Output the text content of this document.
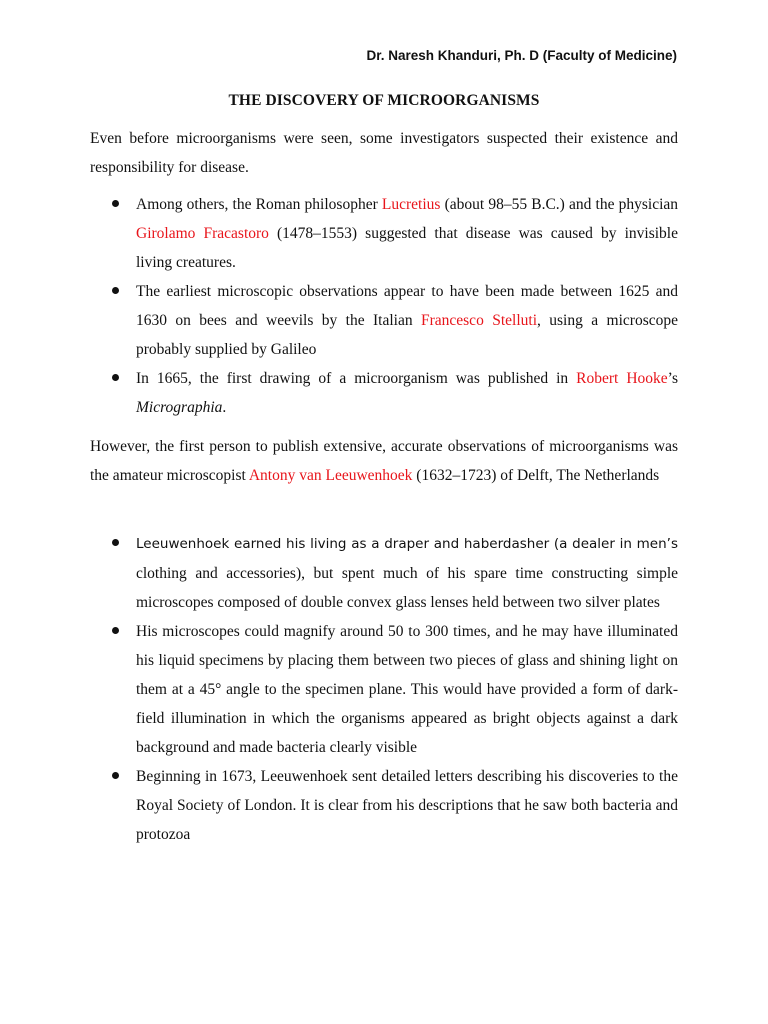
Dr. Naresh Khanduri, Ph. D (Faculty of Medicine)
THE DISCOVERY OF MICROORGANISMS

Even before microorganisms were seen, some investigators suspected their existence and responsibility for disease.

Among others, the Roman philosopher Lucretius (about 98‒55 B.C.) and the physician Girolamo Fracastoro (1478‒1553) suggested that disease was caused by invisible living creatures.
The earliest microscopic observations appear to have been made between 1625 and 1630 on bees and weevils by the Italian Francesco Stelluti, using a microscope probably supplied by Galileo
In 1665, the first drawing of a microorganism was published in Robert Hooke’s Micrographia.

However, the first person to publish extensive, accurate observations of microorganisms was the amateur microscopist Antony van Leeuwenhoek (1632‒1723) of Delft, The Netherlands

Leeuwenhoek earned his living as a draper and haberdasher (a dealer in men’s clothing and accessories), but spent much of his spare time constructing simple microscopes composed of double convex glass lenses held between two silver plates
His microscopes could magnify around 50 to 300 times, and he may have illuminated his liquid specimens by placing them between two pieces of glass and shining light on them at a 45° angle to the specimen plane. This would have provided a form of dark-field illumination in which the organisms appeared as bright objects against a dark background and made bacteria clearly visible
Beginning in 1673, Leeuwenhoek sent detailed letters describing his discoveries to the Royal Society of London. It is clear from his descriptions that he saw both bacteria and protozoa
